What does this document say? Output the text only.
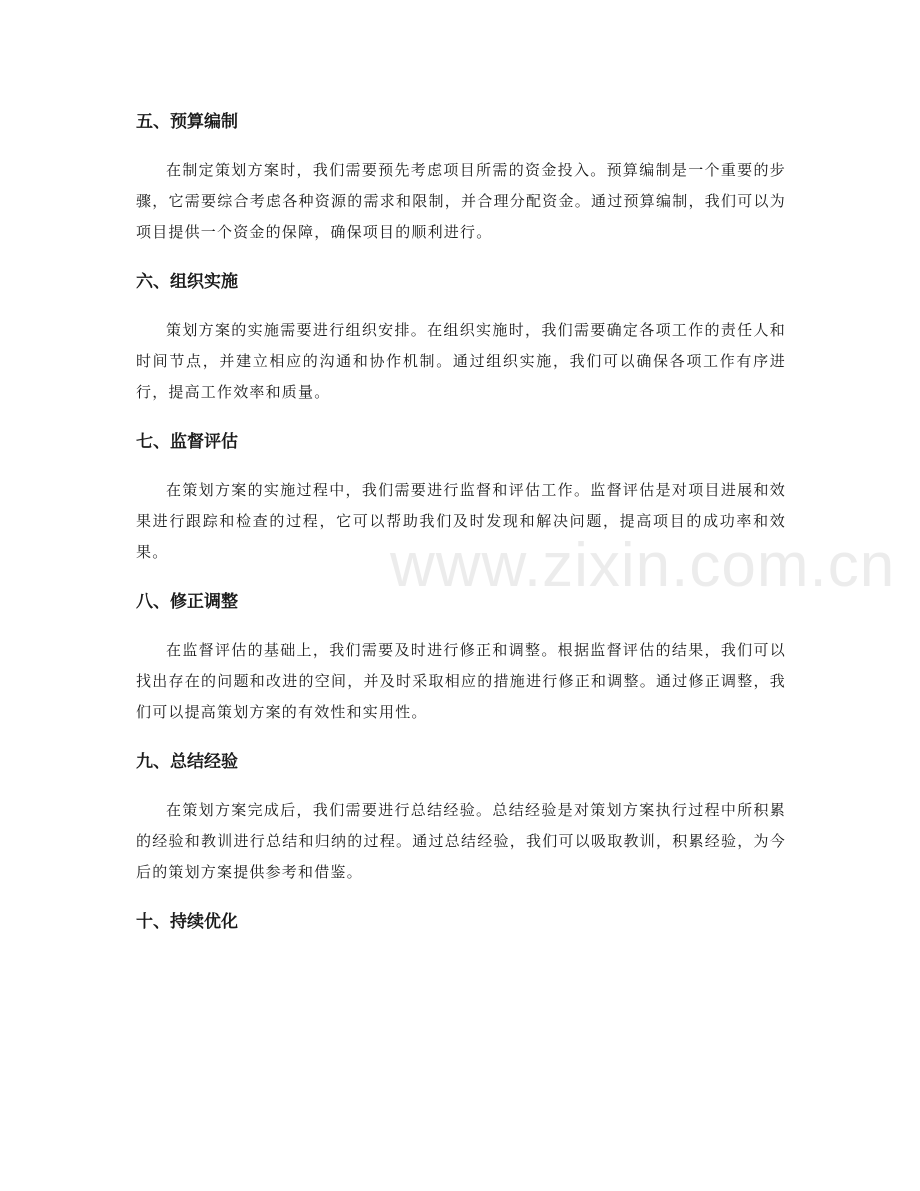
五、预算编制

在制定策划方案时，我们需要预先考虑项目所需的资金投入。预算编制是一个重要的步骤，它需要综合考虑各种资源的需求和限制，并合理分配资金。通过预算编制，我们可以为项目提供一个资金的保障，确保项目的顺利进行。

六、组织实施

策划方案的实施需要进行组织安排。在组织实施时，我们需要确定各项工作的责任人和时间节点，并建立相应的沟通和协作机制。通过组织实施，我们可以确保各项工作有序进行，提高工作效率和质量。

七、监督评估

在策划方案的实施过程中，我们需要进行监督和评估工作。监督评估是对项目进展和效果进行跟踪和检查的过程，它可以帮助我们及时发现和解决问题，提高项目的成功率和效果。

八、修正调整

在监督评估的基础上，我们需要及时进行修正和调整。根据监督评估的结果，我们可以找出存在的问题和改进的空间，并及时采取相应的措施进行修正和调整。通过修正调整，我们可以提高策划方案的有效性和实用性。

九、总结经验

在策划方案完成后，我们需要进行总结经验。总结经验是对策划方案执行过程中所积累的经验和教训进行总结和归纳的过程。通过总结经验，我们可以吸取教训，积累经验，为今后的策划方案提供参考和借鉴。

十、持续优化
www.zixin.com.cn
